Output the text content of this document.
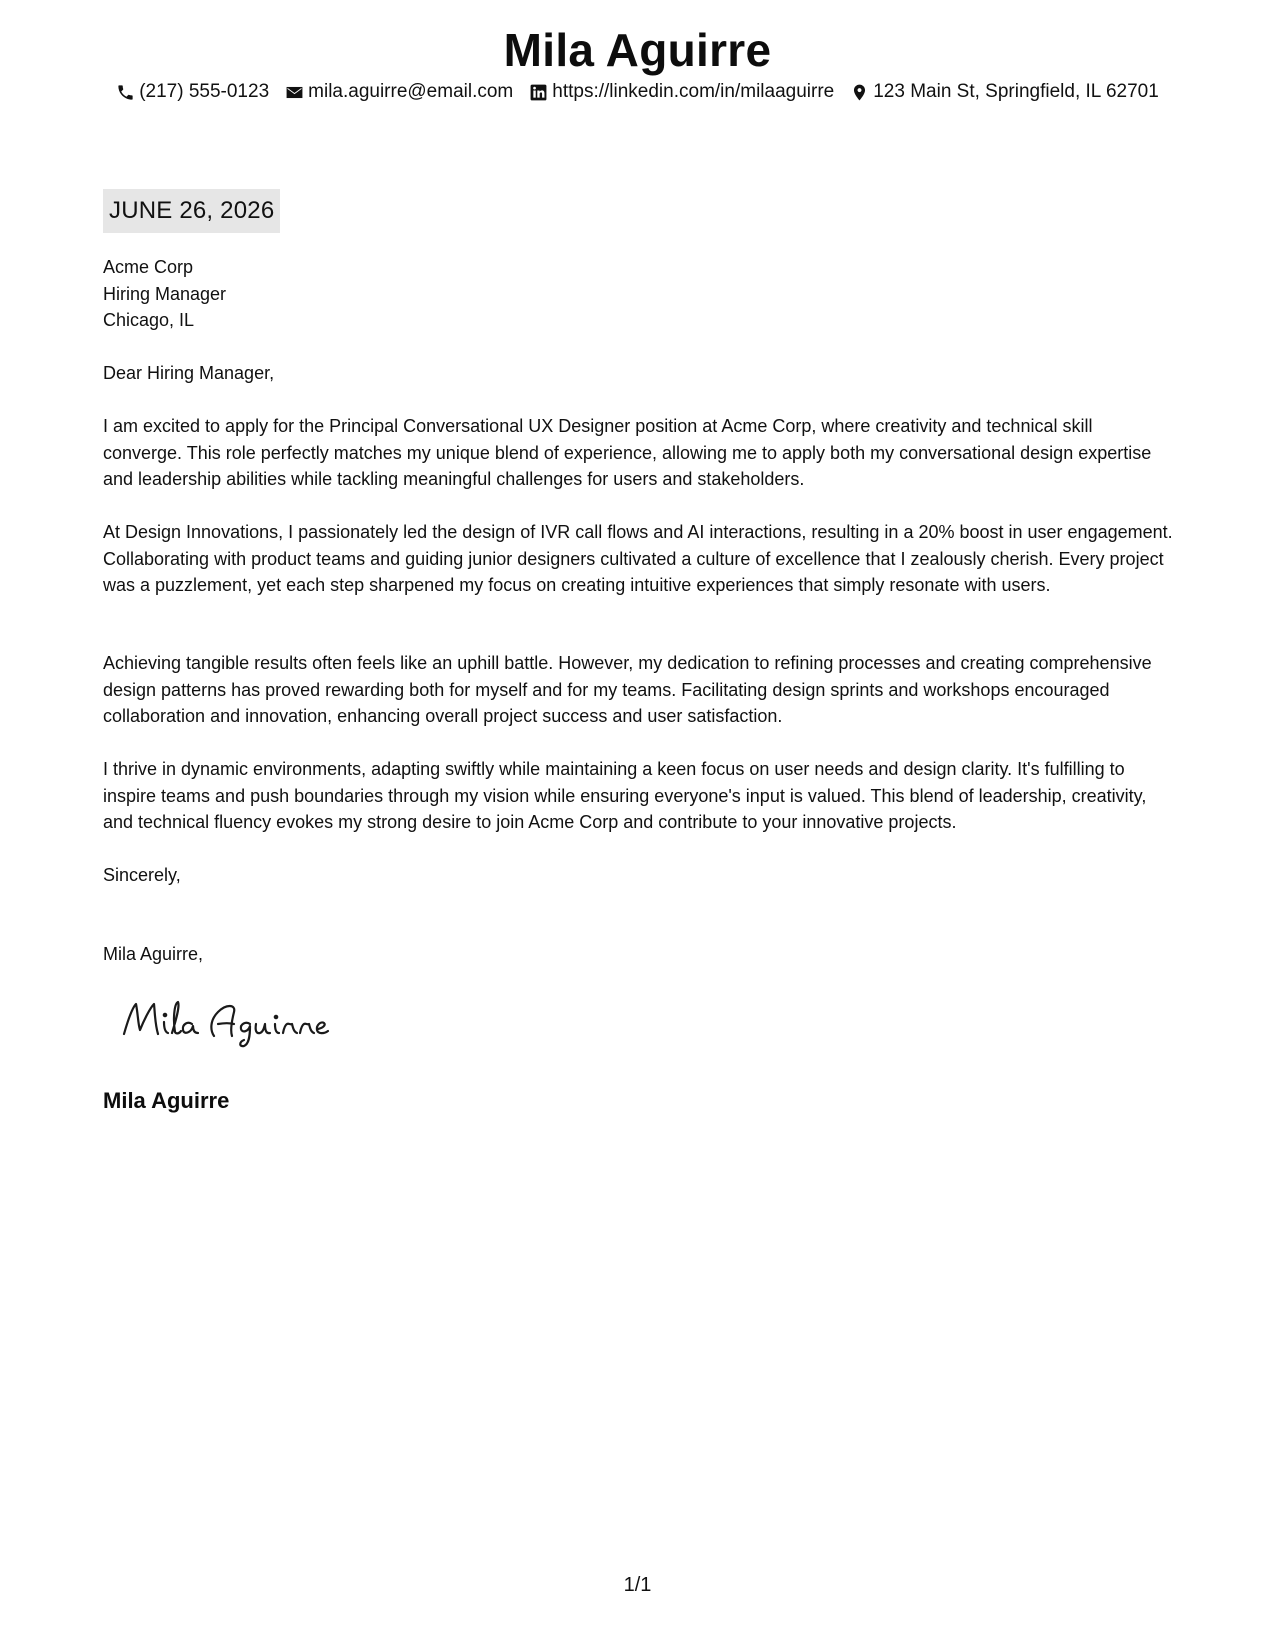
Mila Aguirre
(217) 555-0123 mila.aguirre@email.com https://linkedin.com/in/milaaguirre 123 Main St, Springfield, IL 62701
JUNE 26, 2026
Acme Corp
Hiring Manager
Chicago, IL
Dear Hiring Manager,
I am excited to apply for the Principal Conversational UX Designer position at Acme Corp, where creativity and technical skill converge. This role perfectly matches my unique blend of experience, allowing me to apply both my conversational design expertise and leadership abilities while tackling meaningful challenges for users and stakeholders.
At Design Innovations, I passionately led the design of IVR call flows and AI interactions, resulting in a 20% boost in user engagement. Collaborating with product teams and guiding junior designers cultivated a culture of excellence that I zealously cherish. Every project was a puzzlement, yet each step sharpened my focus on creating intuitive experiences that simply resonate with users.
Achieving tangible results often feels like an uphill battle. However, my dedication to refining processes and creating comprehensive design patterns has proved rewarding both for myself and for my teams. Facilitating design sprints and workshops encouraged collaboration and innovation, enhancing overall project success and user satisfaction.
I thrive in dynamic environments, adapting swiftly while maintaining a keen focus on user needs and design clarity. It's fulfilling to inspire teams and push boundaries through my vision while ensuring everyone's input is valued. This blend of leadership, creativity, and technical fluency evokes my strong desire to join Acme Corp and contribute to your innovative projects.
Sincerely,
Mila Aguirre,
Mila Aguirre
1/1
